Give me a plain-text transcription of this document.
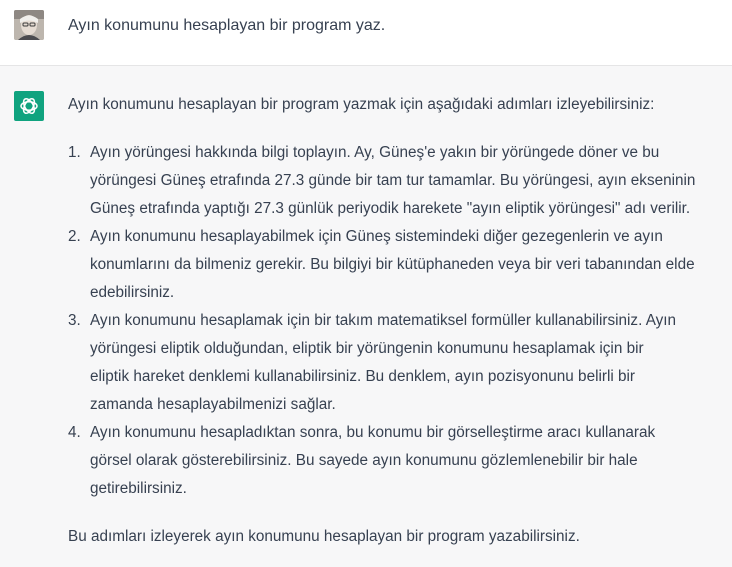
Ayın konumunu hesaplayan bir program yaz.

Ayın konumunu hesaplayan bir program yazmak için aşağıdaki adımları izleyebilirsiniz:

1. Ayın yörüngesi hakkında bilgi toplayın. Ay, Güneş'e yakın bir yörüngede döner ve bu
yörüngesi Güneş etrafında 27.3 günde bir tam tur tamamlar. Bu yörüngesi, ayın ekseninin
Güneş etrafında yaptığı 27.3 günlük periyodik harekete "ayın eliptik yörüngesi" adı verilir.
2. Ayın konumunu hesaplayabilmek için Güneş sistemindeki diğer gezegenlerin ve ayın
konumlarını da bilmeniz gerekir. Bu bilgiyi bir kütüphaneden veya bir veri tabanından elde
edebilirsiniz.
3. Ayın konumunu hesaplamak için bir takım matematiksel formüller kullanabilirsiniz. Ayın
yörüngesi eliptik olduğundan, eliptik bir yörüngenin konumunu hesaplamak için bir
eliptik hareket denklemi kullanabilirsiniz. Bu denklem, ayın pozisyonunu belirli bir
zamanda hesaplayabilmenizi sağlar.
4. Ayın konumunu hesapladıktan sonra, bu konumu bir görselleştirme aracı kullanarak
görsel olarak gösterebilirsiniz. Bu sayede ayın konumunu gözlemlenebilir bir hale
getirebilirsiniz.

Bu adımları izleyerek ayın konumunu hesaplayan bir program yazabilirsiniz.
